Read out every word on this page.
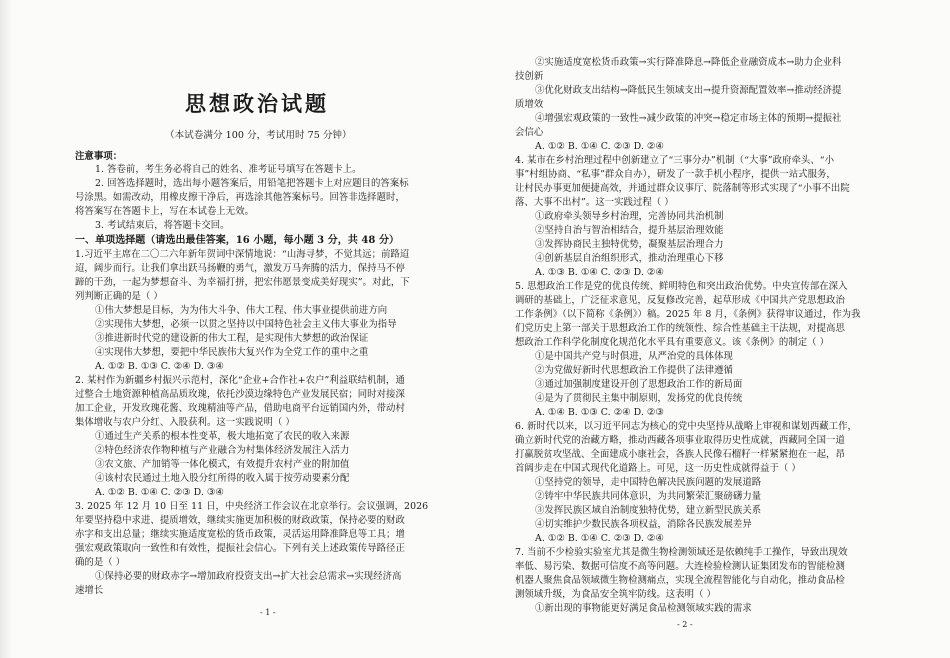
思想政治试题
（本试卷满分 100 分，考试用时 75 分钟）
注意事项：
1. 答卷前，考生务必将自己的姓名、准考证号填写在答题卡上。
2. 回答选择题时，选出每小题答案后，用铅笔把答题卡上对应题目的答案标
号涂黑。如需改动，用橡皮擦干净后，再选涂其他答案标号。回答非选择题时，
将答案写在答题卡上，写在本试卷上无效。
3. 考试结束后，将答题卡交回。
一、单项选择题（请选出最佳答案，16 小题，每小题 3 分，共 48 分）
1.习近平主席在二〇二六年新年贺词中深情地说：“山海寻梦，不觉其远；前路迢
迢，阔步而行。让我们拿出跃马扬鞭的勇气，激发万马奔腾的活力，保持马不停
蹄的干劲，一起为梦想奋斗、为幸福打拼，把宏伟愿景变成美好现实”。对此，下
列判断正确的是（ ）
①伟大梦想是目标，为为伟大斗争、伟大工程、伟大事业提供前进方向
②实现伟大梦想，必须一以贯之坚持以中国特色社会主义伟大事业为指导
③推进新时代党的建设新的伟大工程，是实现伟大梦想的政治保证
④实现伟大梦想，要把中华民族伟大复兴作为全党工作的重中之重
A. ①② B. ①③ C. ②④ D. ③④
2. 某村作为新疆乡村振兴示范村，深化“企业+合作社+农户”利益联结机制，通
过整合土地资源种植高品质玫瑰，依托沙漠边缘特色产业发展民宿；同时对接深
加工企业，开发玫瑰花酱、玫瑰精油等产品，借助电商平台远销国内外，带动村
集体增收与农户分红、入股获利。这一实践说明（ ）
①通过生产关系的根本性变革，极大地拓宽了农民的收入来源
②特色经济农作物种植与产业融合为村集体经济发展注入活力
③农文旅、产加销等一体化模式，有效提升农村产业的附加值
④该村农民通过土地入股分红所得的收入属于按劳动要素分配
A. ①② B. ①④ C. ②③ D. ③④
3. 2025 年 12 月 10 日至 11 日，中央经济工作会议在北京举行。会议强调，2026
年要坚持稳中求进、提质增效，继续实施更加积极的财政政策，保持必要的财政
赤字和支出总量；继续实施适度宽松的货币政策，灵活运用降准降息等工具；增
强宏观政策取向一致性和有效性，提振社会信心。下列有关上述政策传导路径正
确的是（ ）
①保持必要的财政赤字→增加政府投资支出→扩大社会总需求→实现经济高
速增长
- 1 -
②实施适度宽松货币政策→实行降准降息→降低企业融资成本→助力企业科
技创新
③优化财政支出结构→降低民生领域支出→提升资源配置效率→推动经济提
质增效
④增强宏观政策的一致性→减少政策的冲突→稳定市场主体的预期→提振社
会信心
A. ①② B. ①④ C. ②③ D. ②④
4. 某市在乡村治理过程中创新建立了“三事分办”机制（“大事”政府牵头、“小
事”村组协商、“私事”群众自办），研发了一款手机小程序，提供一站式服务，
让村民办事更加便捷高效，并通过群众议事厅、院落制等形式实现了“小事不出院
落、大事不出村”。这一实践过程（ ）
①政府牵头领导乡村治理，完善协同共治机制
②坚持自治与智治相结合，提升基层治理效能
③发挥协商民主独特优势，凝聚基层治理合力
④创新基层自治组织形式，推动治理重心下移
A. ①③ B. ①④ C. ②③ D. ②④
5. 思想政治工作是党的优良传统、鲜明特色和突出政治优势。中央宣传部在深入
调研的基础上，广泛征求意见，反复修改完善，起草形成《中国共产党思想政治
工作条例》（以下简称《条例》）稿。2025 年 8 月，《条例》获得审议通过，作为我
们党历史上第一部关于思想政治工作的统领性、综合性基础主干法规，对提高思
想政治工作科学化制度化规范化水平具有重要意义。该《条例》的制定（ ）
①是中国共产党与时俱进，从严治党的具体体现
②为党做好新时代思想政治工作提供了法律遵循
③通过加强制度建设开创了思想政治工作的新局面
④是为了贯彻民主集中制原则，发扬党的优良传统
A. ①④ B. ①③ C. ②④ D. ②③
6. 新时代以来，以习近平同志为核心的党中央坚持从战略上审视和谋划西藏工作，
确立新时代党的治藏方略，推动西藏各项事业取得历史性成就，西藏同全国一道
打赢脱贫攻坚战、全面建成小康社会，各族人民像石榴籽一样紧紧抱在一起，昂
首阔步走在中国式现代化道路上。可见，这一历史性成就得益于（ ）
①坚持党的领导，走中国特色解决民族问题的发展道路
②铸牢中华民族共同体意识，为共同繁荣汇聚磅礴力量
③发挥民族区域自治制度独特优势，建立新型民族关系
④切实维护少数民族各项权益，消除各民族发展差异
A. ①② B. ①④ C. ②③ D. ②④
7. 当前不少检验实验室尤其是微生物检测领域还是依赖纯手工操作，导致出现效
率低、易污染、数据可信度不高等问题。大连检验检测认证集团发布的智能检测
机器人聚焦食品领域微生物检测痛点，实现全流程智能化与自动化，推动食品检
测领域升级，为食品安全筑牢防线。这表明（ ）
①新出现的事物能更好满足食品检测领域实践的需求
- 2 -
